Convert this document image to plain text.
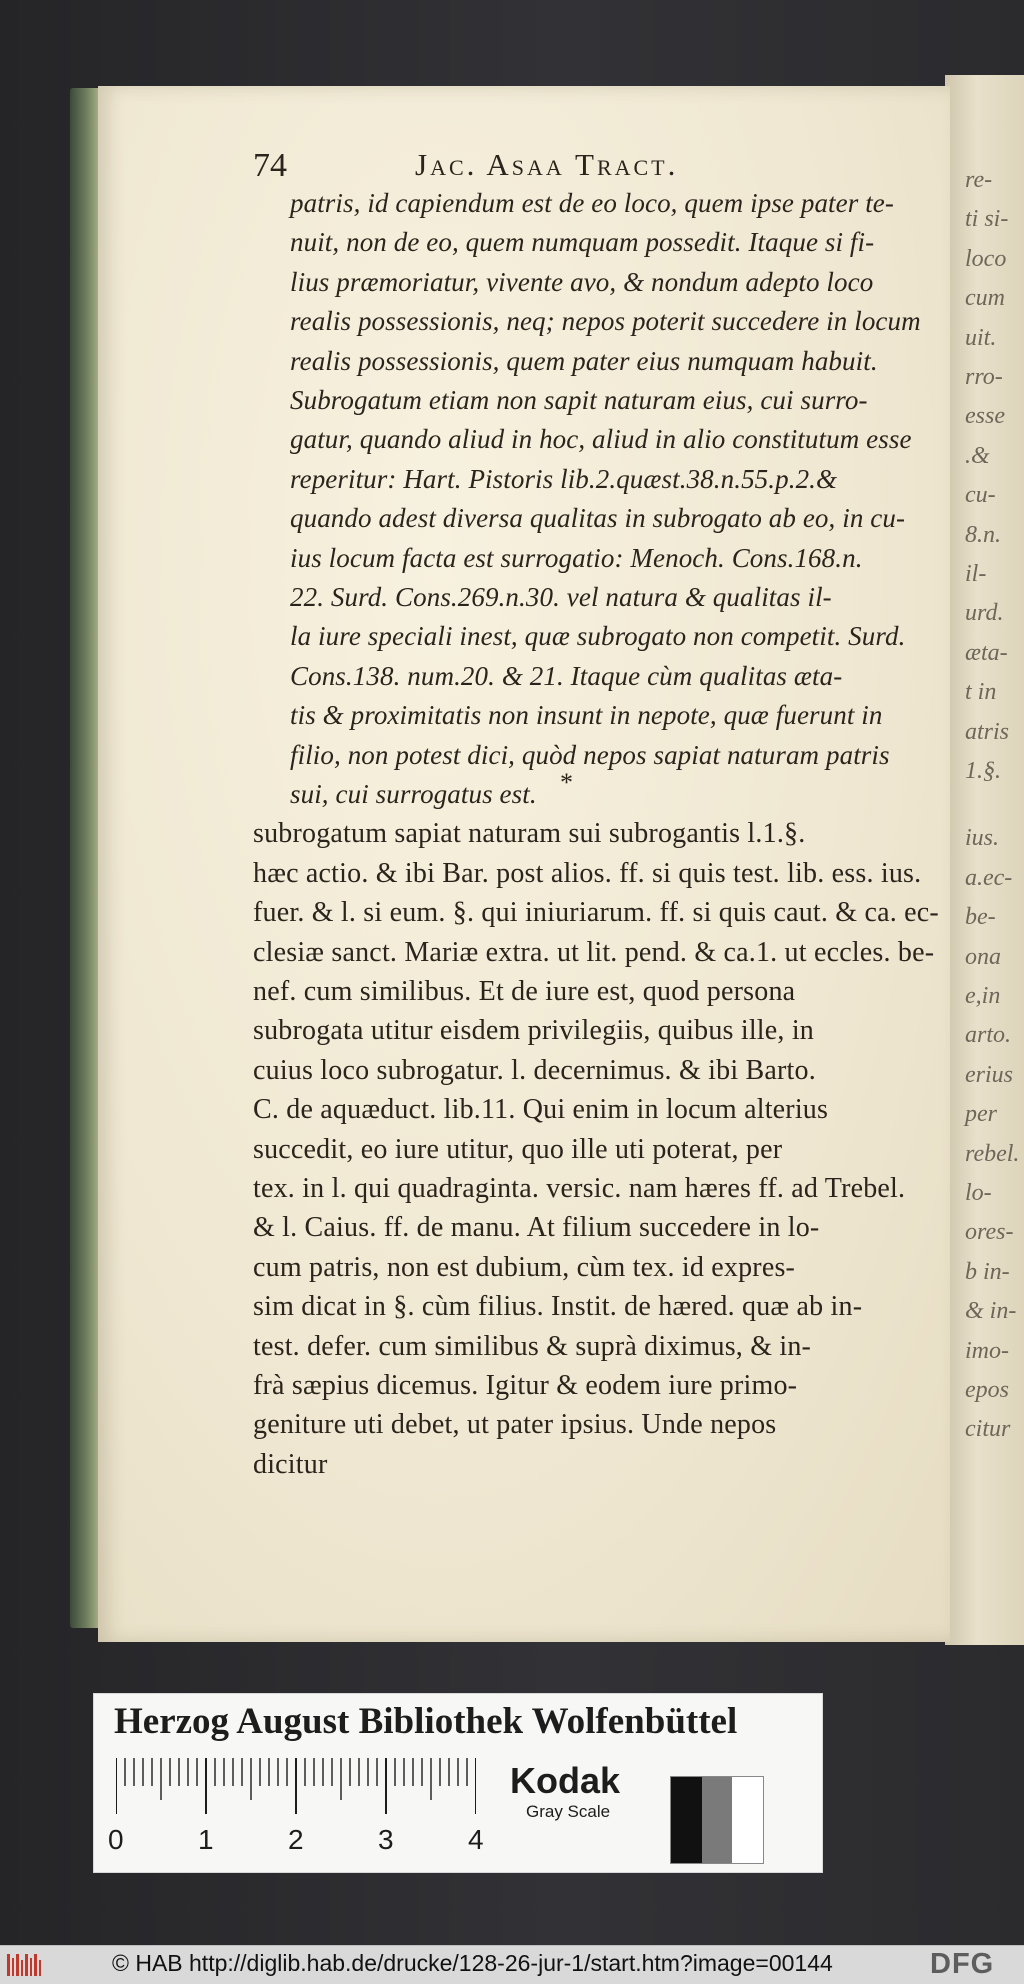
re-
ti si-
loco
cum
uit.
rro-
esse
.&
cu-
8.n.
il-
urd.
æta-
t in
atris
1.§.
ius.
a.ec-
be-
ona
e,in
arto.
erius
per
rebel.
lo-
ores-
b in-
& in-
imo-
epos
citur
74	Jac. Asaa Tract.
patris, id capiendum est de eo loco, quem ipse pater te-
nuit, non de eo, quem numquam possedit. Itaque si fi-
lius præmoriatur, vivente avo, & nondum adepto loco
realis possessionis, neq; nepos poterit succedere in locum
realis possessionis, quem pater eius numquam habuit.
Subrogatum etiam non sapit naturam eius, cui surro-
gatur, quando aliud in hoc, aliud in alio constitutum esse
reperitur: Hart. Pistoris lib.2.quæst.38.n.55.p.2.&
quando adest diversa qualitas in subrogato ab eo, in cu-
ius locum facta est surrogatio: Menoch. Cons.168.n.
22. Surd. Cons.269.n.30. vel natura & qualitas il-
la iure speciali inest, quæ subrogato non competit. Surd.
Cons.138. num.20. & 21. Itaque cùm qualitas æta-
tis & proximitatis non insunt in nepote, quæ fuerunt in
filio, non potest dici, quòd nepos sapiat naturam patris
sui, cui surrogatus est.
subrogatum sapiat naturam sui subrogantis l.1.§.
hæc actio. & ibi Bar. post alios. ff. si quis test. lib. ess. ius.
fuer. & l. si eum. §. qui iniuriarum. ff. si quis caut. & ca. ec-
clesiæ sanct. Mariæ extra. ut lit. pend. & ca.1. ut eccles. be-
nef. cum similibus. Et de iure est, quod persona
subrogata utitur eisdem privilegiis, quibus ille, in
cuius loco subrogatur. l. decernimus. & ibi Barto.
C. de aquæduct. lib.11. Qui enim in locum alterius
succedit, eo iure utitur, quo ille uti poterat, per
tex. in l. qui quadraginta. versic. nam hæres ff. ad Trebel.
& l. Caius. ff. de manu. At filium succedere in lo-
cum patris, non est dubium, cùm tex. id expres-
sim dicat in §. cùm filius. Instit. de hæred. quæ ab in-
test. defer. cum similibus & suprà diximus, & in-
frà sæpius dicemus. Igitur & eodem iure primo-
geniture uti debet, ut pater ipsius. Unde nepos
dicitur
*
Herzog August Bibliothek Wolfenbüttel
0	1	2	3	4
Kodak
Gray Scale
© HAB http://diglib.hab.de/drucke/128-26-jur-1/start.htm?image=00144	DFG
